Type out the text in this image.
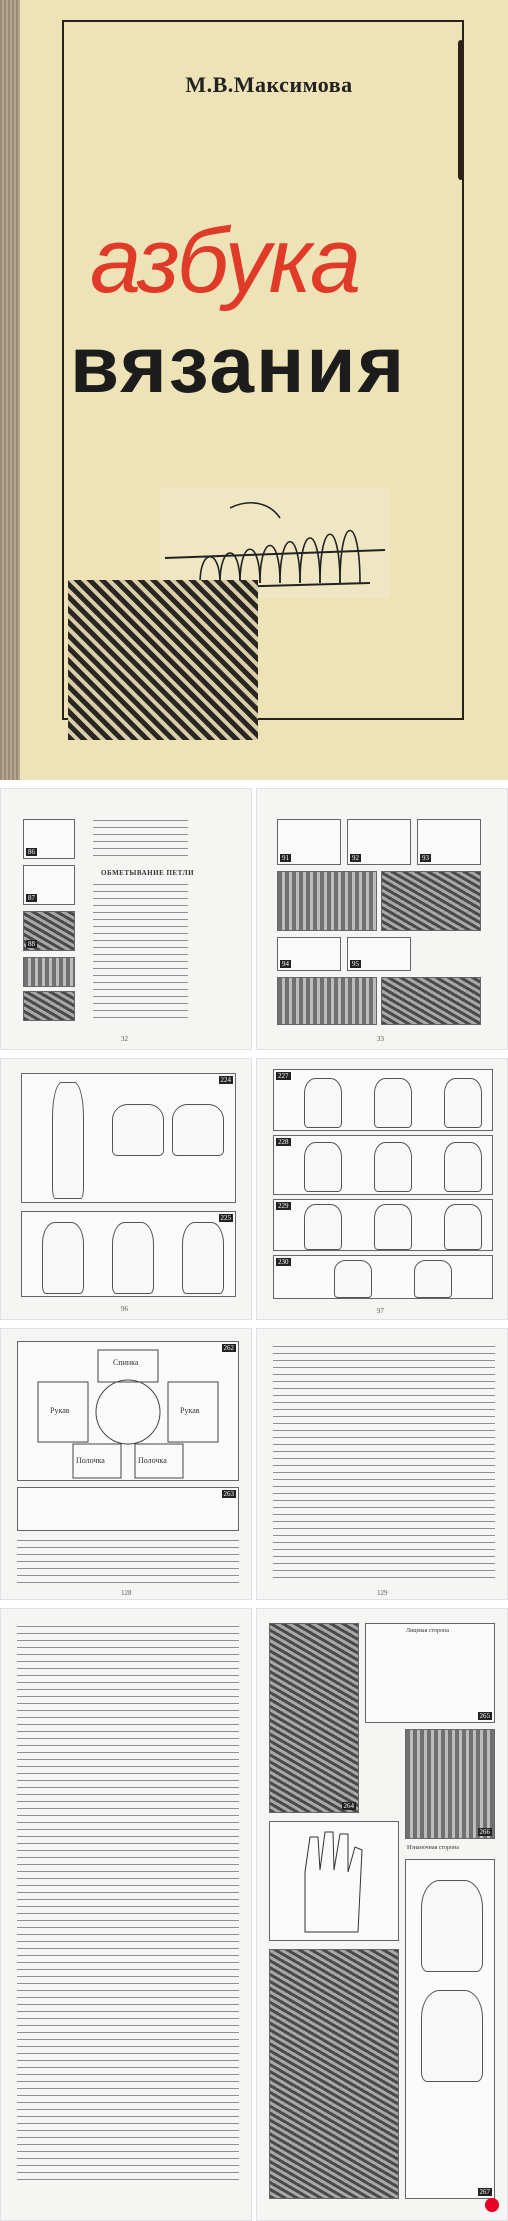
М.В.Максимова
азбука
вязания
86
87
88
ОБМЕТЫВАНИЕ ПЕТЛИ
32
91	92	93
94	95
33
224
225
96
227
228
229
230
97
262
Спинка
Рукав	Рукав
Полочка	Полочка
263
128	129
264
265
Лицевая сторона
266
Изнаночная сторона
267
